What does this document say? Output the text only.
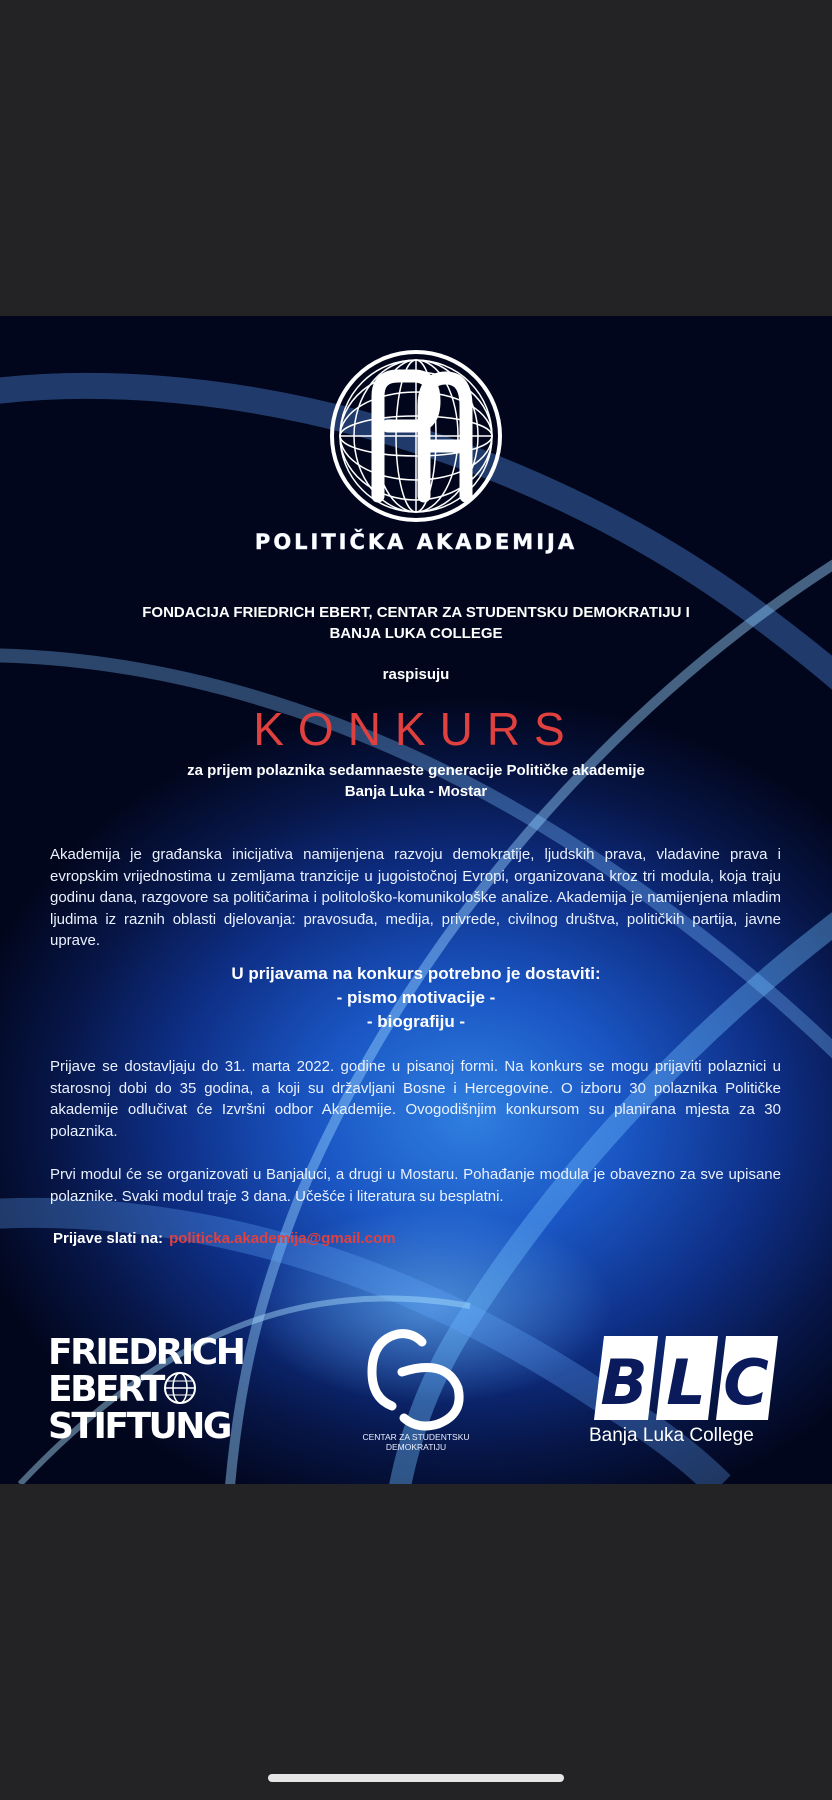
POLITIČKA AKADEMIJA
FONDACIJA FRIEDRICH EBERT, CENTAR ZA STUDENTSKU DEMOKRATIJU I
BANJA LUKA COLLEGE
raspisuju
KONKURS
za prijem polaznika sedamnaeste generacije Političke akademije
Banja Luka - Mostar
Akademija je građanska inicijativa namijenjena razvoju demokratije, ljudskih prava, vladavine prava i evropskim vrijednostima u zemljama tranzicije u jugoistočnoj Evropi, organizovana kroz tri modula, koja traju godinu dana, razgovore sa političarima i politološko-komunikološke analize. Akademija je namijenjena mladim ljudima iz raznih oblasti djelovanja: pravosuđa, medija, privrede, civilnog društva, političkih partija, javne uprave.
U prijavama na konkurs potrebno je dostaviti:
- pismo motivacije -
- biografiju -
Prijave se dostavljaju do 31. marta 2022. godine u pisanoj formi. Na konkurs se mogu prijaviti polaznici u starosnoj dobi do 35 godina, a koji su državljani Bosne i Hercegovine. O izboru 30 polaznika Političke akademije odlučivat će Izvršni odbor Akademije. Ovogodišnjim konkursom su planirana mjesta za 30 polaznika.
Prvi modul će se organizovati u Banjaluci, a drugi u Mostaru. Pohađanje modula je obavezno za sve upisane polaznike. Svaki modul traje 3 dana. Učešće i literatura su besplatni.
Prijave slati na: politicka.akademija@gmail.com
FRIEDRICH
EBERT
STIFTUNG	CENTAR ZA STUDENTSKU
DEMOKRATIJU
B L C
Banja Luka College
